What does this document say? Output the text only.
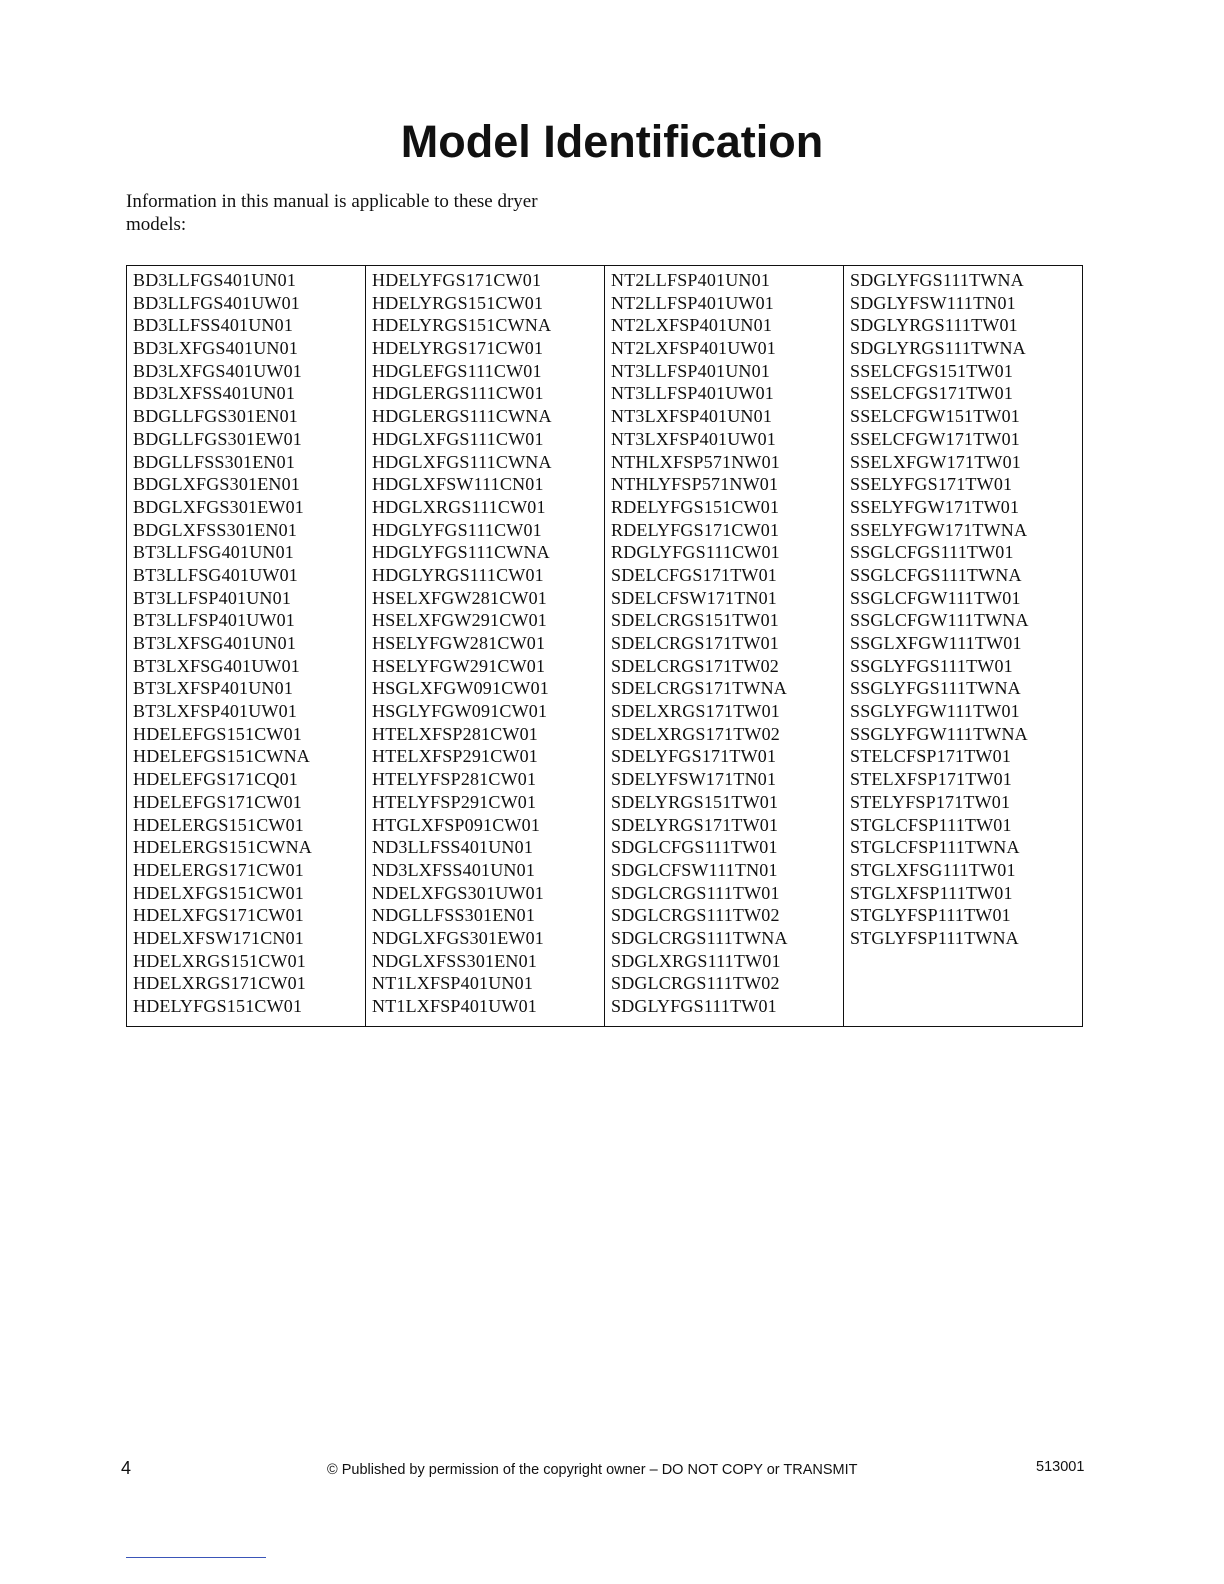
Model Identification

Information in this manual is applicable to these dryer models:

BD3LLFGS401UN01
BD3LLFGS401UW01
BD3LLFSS401UN01
BD3LXFGS401UN01
BD3LXFGS401UW01
BD3LXFSS401UN01
BDGLLFGS301EN01
BDGLLFGS301EW01
BDGLLFSS301EN01
BDGLXFGS301EN01
BDGLXFGS301EW01
BDGLXFSS301EN01
BT3LLFSG401UN01
BT3LLFSG401UW01
BT3LLFSP401UN01
BT3LLFSP401UW01
BT3LXFSG401UN01
BT3LXFSG401UW01
BT3LXFSP401UN01
BT3LXFSP401UW01
HDELEFGS151CW01
HDELEFGS151CWNA
HDELEFGS171CQ01
HDELEFGS171CW01
HDELERGS151CW01
HDELERGS151CWNA
HDELERGS171CW01
HDELXFGS151CW01
HDELXFGS171CW01
HDELXFSW171CN01
HDELXRGS151CW01
HDELXRGS171CW01
HDELYFGS151CW01
HDELYFGS171CW01
HDELYRGS151CW01
HDELYRGS151CWNA
HDELYRGS171CW01
HDGLEFGS111CW01
HDGLERGS111CW01
HDGLERGS111CWNA
HDGLXFGS111CW01
HDGLXFGS111CWNA
HDGLXFSW111CN01
HDGLXRGS111CW01
HDGLYFGS111CW01
HDGLYFGS111CWNA
HDGLYRGS111CW01
HSELXFGW281CW01
HSELXFGW291CW01
HSELYFGW281CW01
HSELYFGW291CW01
HSGLXFGW091CW01
HSGLYFGW091CW01
HTELXFSP281CW01
HTELXFSP291CW01
HTELYFSP281CW01
HTELYFSP291CW01
HTGLXFSP091CW01
ND3LLFSS401UN01
ND3LXFSS401UN01
NDELXFGS301UW01
NDGLLFSS301EN01
NDGLXFGS301EW01
NDGLXFSS301EN01
NT1LXFSP401UN01
NT1LXFSP401UW01
NT2LLFSP401UN01
NT2LLFSP401UW01
NT2LXFSP401UN01
NT2LXFSP401UW01
NT3LLFSP401UN01
NT3LLFSP401UW01
NT3LXFSP401UN01
NT3LXFSP401UW01
NTHLXFSP571NW01
NTHLYFSP571NW01
RDELYFGS151CW01
RDELYFGS171CW01
RDGLYFGS111CW01
SDELCFGS171TW01
SDELCFSW171TN01
SDELCRGS151TW01
SDELCRGS171TW01
SDELCRGS171TW02
SDELCRGS171TWNA
SDELXRGS171TW01
SDELXRGS171TW02
SDELYFGS171TW01
SDELYFSW171TN01
SDELYRGS151TW01
SDELYRGS171TW01
SDGLCFGS111TW01
SDGLCFSW111TN01
SDGLCRGS111TW01
SDGLCRGS111TW02
SDGLCRGS111TWNA
SDGLXRGS111TW01
SDGLCRGS111TW02
SDGLYFGS111TW01
SDGLYFGS111TWNA
SDGLYFSW111TN01
SDGLYRGS111TW01
SDGLYRGS111TWNA
SSELCFGS151TW01
SSELCFGS171TW01
SSELCFGW151TW01
SSELCFGW171TW01
SSELXFGW171TW01
SSELYFGS171TW01
SSELYFGW171TW01
SSELYFGW171TWNA
SSGLCFGS111TW01
SSGLCFGS111TWNA
SSGLCFGW111TW01
SSGLCFGW111TWNA
SSGLXFGW111TW01
SSGLYFGS111TW01
SSGLYFGS111TWNA
SSGLYFGW111TW01
SSGLYFGW111TWNA
STELCFSP171TW01
STELXFSP171TW01
STELYFSP171TW01
STGLCFSP111TW01
STGLCFSP111TWNA
STGLXFSG111TW01
STGLXFSP111TW01
STGLYFSP111TW01
STGLYFSP111TWNA
4	© Published by permission of the copyright owner – DO NOT COPY or TRANSMIT	513001
